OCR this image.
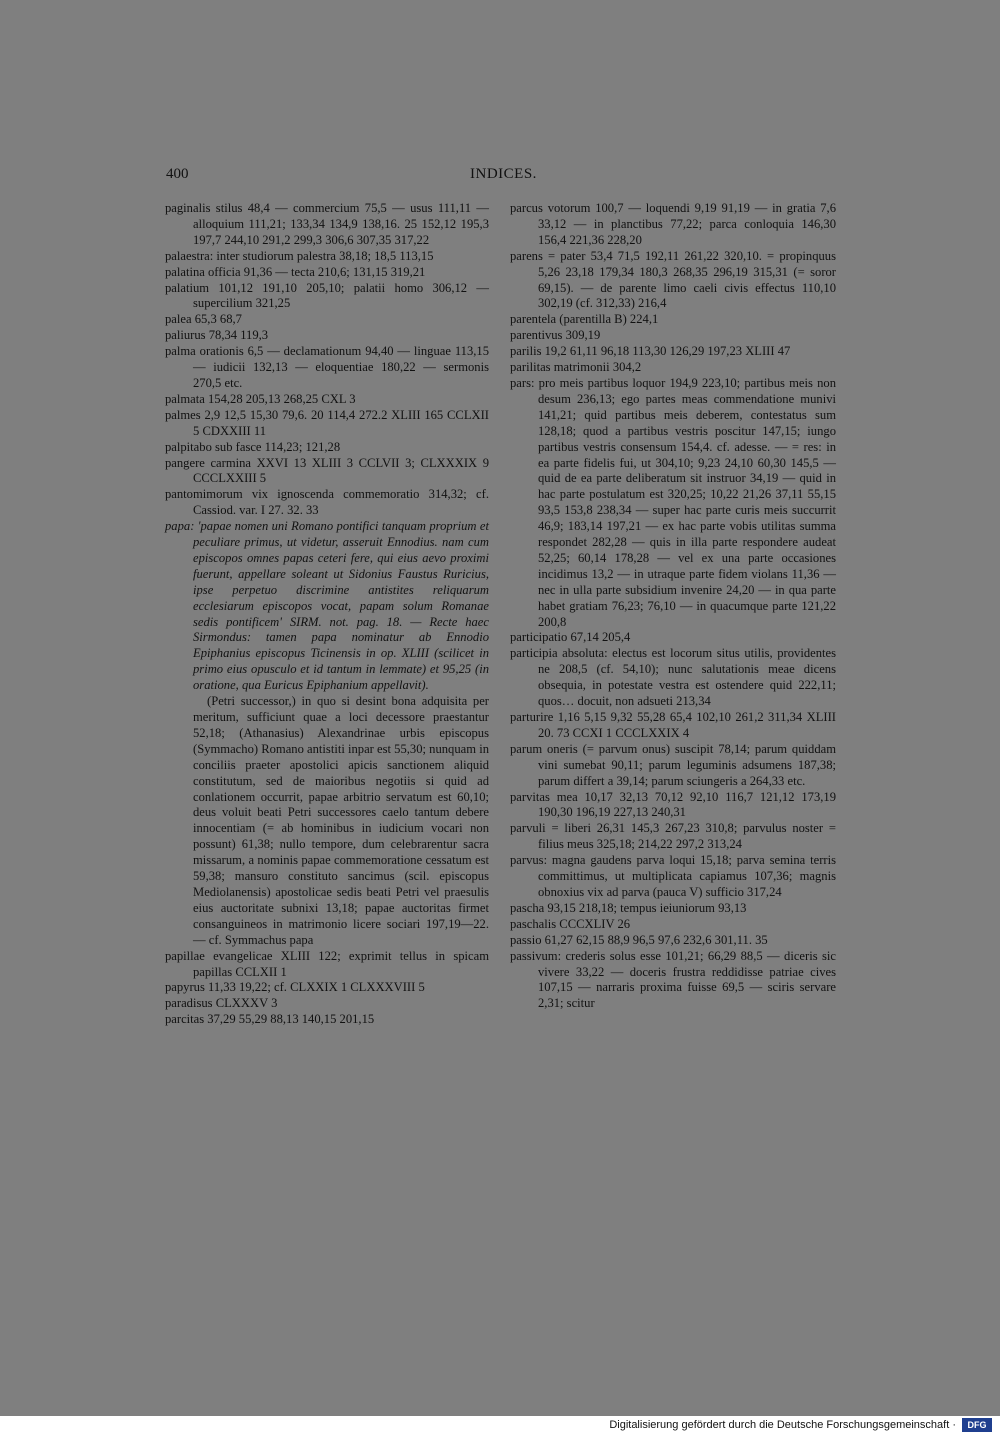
400	INDICES.

paginalis stilus 48,4 — commercium 75,5 — usus 111,11 — alloquium 111,21; 133,34 134,9 138,16. 25 152,12 195,3 197,7 244,10 291,2 299,3 306,6 307,35 317,22

palaestra: inter studiorum palestra 38,18; 18,5 113,15

palatina officia 91,36 — tecta 210,6; 131,15 319,21

palatium 101,12 191,10 205,10; palatii homo 306,12 — supercilium 321,25

palea 65,3 68,7

paliurus 78,34 119,3

palma orationis 6,5 — declamationum 94,40 — linguae 113,15 — iudicii 132,13 — eloquentiae 180,22 — sermonis 270,5 etc.

palmata 154,28 205,13 268,25 CXL 3

palmes 2,9 12,5 15,30 79,6. 20 114,4 272.2 XLIII 165 CCLXII 5 CDXXIII 11

palpitabo sub fasce 114,23; 121,28

pangere carmina XXVI 13 XLIII 3 CCLVII 3; CLXXXIX 9 CCCLXXIII 5

pantomimorum vix ignoscenda commemoratio 314,32; cf. Cassiod. var. I 27. 32. 33

papa: 'papae nomen uni Romano pontifici tanquam proprium et peculiare primus, ut videtur, asseruit Ennodius. nam cum episcopos omnes papas ceteri fere, qui eius aevo proximi fuerunt, appellare soleant ut Sidonius Faustus Ruricius, ipse perpetuo discrimine antistites reliquarum ecclesiarum episcopos vocat, papam solum Romanae sedis pontificem' SIRM. not. pag. 18. — Recte haec Sirmondus: tamen papa nominatur ab Ennodio Epiphanius episcopus Ticinensis in op. XLIII (scilicet in primo eius opusculo et id tantum in lemmate) et 95,25 (in oratione, qua Euricus Epiphanium appellavit).

(Petri successor,) in quo si desint bona adquisita per meritum, sufficiunt quae a loci decessore praestantur 52,18; (Athanasius) Alexandrinae urbis episcopus (Symmacho) Romano antistiti inpar est 55,30; nunquam in conciliis praeter apostolici apicis sanctionem aliquid constitutum, sed de maioribus negotiis si quid ad conlationem occurrit, papae arbitrio servatum est 60,10; deus voluit beati Petri successores caelo tantum debere innocentiam (= ab hominibus in iudicium vocari non possunt) 61,38; nullo tempore, dum celebrarentur sacra missarum, a nominis papae commemoratione cessatum est 59,38; mansuro constituto sancimus (scil. episcopus Mediolanensis) apostolicae sedis beati Petri vel praesulis eius auctoritate subnixi 13,18; papae auctoritas firmet consanguineos in matrimonio licere sociari 197,19—22. — cf. Symmachus papa

papillae evangelicae XLIII 122; exprimit tellus in spicam papillas CCLXII 1

papyrus 11,33 19,22; cf. CLXXIX 1 CLXXXVIII 5

paradisus CLXXXV 3

parcitas 37,29 55,29 88,13 140,15 201,15

parcus votorum 100,7 — loquendi 9,19 91,19 — in gratia 7,6 33,12 — in planctibus 77,22; parca conloquia 146,30 156,4 221,36 228,20

parens = pater 53,4 71,5 192,11 261,22 320,10. = propinquus 5,26 23,18 179,34 180,3 268,35 296,19 315,31 (= soror 69,15). — de parente limo caeli civis effectus 110,10 302,19 (cf. 312,33) 216,4

parentela (parentilla B) 224,1

parentivus 309,19

parilis 19,2 61,11 96,18 113,30 126,29 197,23 XLIII 47

parilitas matrimonii 304,2

pars: pro meis partibus loquor 194,9 223,10; partibus meis non desum 236,13; ego partes meas commendatione munivi 141,21; quid partibus meis deberem, contestatus sum 128,18; quod a partibus vestris poscitur 147,15; iungo partibus vestris consensum 154,4. cf. adesse. — = res: in ea parte fidelis fui, ut 304,10; 9,23 24,10 60,30 145,5 — quid de ea parte deliberatum sit instruor 34,19 — quid in hac parte postulatum est 320,25; 10,22 21,26 37,11 55,15 93,5 153,8 238,34 — super hac parte curis meis succurrit 46,9; 183,14 197,21 — ex hac parte vobis utilitas summa respondet 282,28 — quis in illa parte respondere audeat 52,25; 60,14 178,28 — vel ex una parte occasiones incidimus 13,2 — in utraque parte fidem violans 11,36 — nec in ulla parte subsidium invenire 24,20 — in qua parte habet gratiam 76,23; 76,10 — in quacumque parte 121,22 200,8

participatio 67,14 205,4

participia absoluta: electus est locorum situs utilis, providentes ne 208,5 (cf. 54,10); nunc salutationis meae dicens obsequia, in potestate vestra est ostendere quid 222,11; quos… docuit, non adsueti 213,34

parturire 1,16 5,15 9,32 55,28 65,4 102,10 261,2 311,34 XLIII 20. 73 CCXI 1 CCCLXXIX 4

parum oneris (= parvum onus) suscipit 78,14; parum quiddam vini sumebat 90,11; parum leguminis adsumens 187,38; parum differt a 39,14; parum sciungeris a 264,33 etc.

parvitas mea 10,17 32,13 70,12 92,10 116,7 121,12 173,19 190,30 196,19 227,13 240,31

parvuli = liberi 26,31 145,3 267,23 310,8; parvulus noster = filius meus 325,18; 214,22 297,2 313,24

parvus: magna gaudens parva loqui 15,18; parva semina terris committimus, ut multiplicata capiamus 107,36; magnis obnoxius vix ad parva (pauca V) sufficio 317,24

pascha 93,15 218,18; tempus ieiuniorum 93,13

paschalis CCCXLIV 26

passio 61,27 62,15 88,9 96,5 97,6 232,6 301,11. 35

passivum: crederis solus esse 101,21; 66,29 88,5 — diceris sic vivere 33,22 — doceris frustra reddidisse patriae cives 107,15 — narraris proxima fuisse 69,5 — sciris servare 2,31; scitur

Digitalisierung gefördert durch die Deutsche Forschungsgemeinschaft ·	DFG
